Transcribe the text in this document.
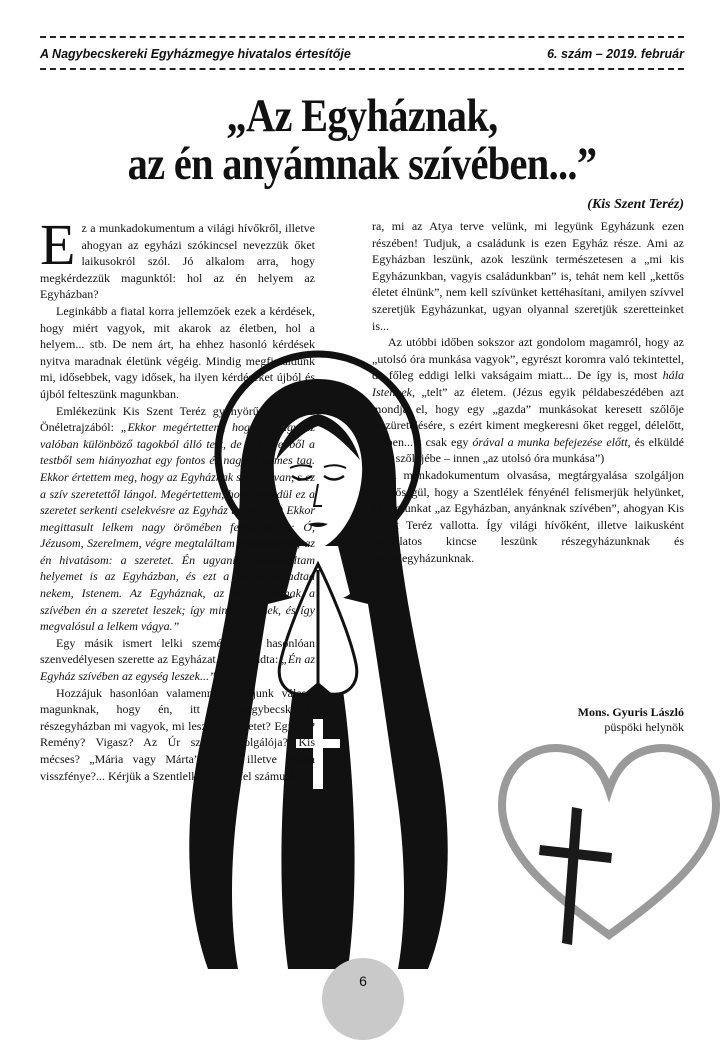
A Nagybecskereki Egyházmegye hivatalos értesítője	6. szám – 2019. február
„Az Egyháznak,
az én anyámnak szívében...”
(Kis Szent Teréz)

Ez a munkadokumentum a világi hívőkről, illetve ahogyan az egyházi szókincsel nevezzük őket laikusokról szól. Jó alkalom arra, hogy megkérdezzük magunktól: hol az én helyem az Egyházban?

Leginkább a fiatal korra jellemzőek ezek a kérdések, hogy miért vagyok, mit akarok az életben, hol a helyem... stb. De nem árt, ha ehhez hasonló kérdések nyitva maradnak életünk végéig. Mindig megfiataldunk mi, idősebbek, vagy idősek, ha ilyen kérdéseket újból és újból felteszünk magunkban.

Emlékezünk Kis Szent Teréz gyönyörű írására az Önéletrajzából: „Ekkor megértettem, hogy az Egyház valóban különböző tagokból álló test, de akkor ebből a testből sem hiányozhat egy fontos és nagyon nemes tag. Ekkor értettem meg, hogy az Egyháznak szíve is van, s ez a szív szeretettől lángol. Megértettem, hogy egyedül ez a szeretet serkenti cselekvésre az Egyház tagjait (...) Ekkor megittasult lelkem nagy örömében felkiáltottam: Ó, Jézusom, Szerelmem, végre megtaláltam hivatásomat; az én hivatásom: a szeretet. Én ugyanígy megtaláltam helyemet is az Egyházban, és ezt a helyet te adtad nekem, Istenem. Az Egyháznak, az én anyámnak a szívében én a szeretet leszek; így minden leszek, és így megvalósul a lelkem vágya.”

Egy másik ismert lelki személy, aki hasonlóan szenvedélyesen szerette az Egyházat, azt mondta: „Én az Egyház szívében az egység leszek...”

Hozzájuk hasonlóan valamennyien adjunk választ magunknak, hogy én, itt a nagybecskereki részegyházban mi vagyok, mi leszek? Szeretet? Egység? Remény? Vigasz? Az Úr szolgája-szolgálója? Kis mécses? „Mária vagy Márta”, Jézus illetve Mária visszfénye?... Kérjük a Szentlelket, fedje fel számunk-

ra, mi az Atya terve velünk, mi legyünk Egyházunk ezen részében! Tudjuk, a családunk is ezen Egyház része. Ami az Egyházban leszünk, azok leszünk természetesen a „mi kis Egyházunkban, vagyis családunkban” is, tehát nem kell „kettős életet élnünk”, nem kell szívünket kettéhasítani, amilyen szívvel szeretjük Egyházunkat, ugyan olyannal szeretjük szeretteinket is...

Az utóbbi időben sokszor azt gondolom magamról, hogy az „utolsó óra munkása vagyok”, egyrészt koromra való tekintettel, de főleg eddigi lelki vakságaim miatt... De így is, most hála Istennek, „telt” az életem. (Jézus egyik példabeszédében azt mondja el, hogy egy „gazda” munkásokat keresett szőlője leszüretelésére, s ezért kiment megkeresni őket reggel, délelőtt, délben... s csak egy órával a munka befejezése előtt, és elküldé őket szőlőjébe – innen „az utolsó óra munkása”)

A munkadokumentum olvasása, megtárgyalása szolgáljon lehetőségül, hogy a Szentlélek fényénél felismerjük helyünket, állapotunkat „az Egyházban, anyánknak szívében”, ahogyan Kis Szent Teréz vallotta. Így világi hívőként, illetve laikusként csodálatos kincse leszünk részegyházunknak és családegyházunknak.

Mons. Gyuris László
püspöki helynök
6
